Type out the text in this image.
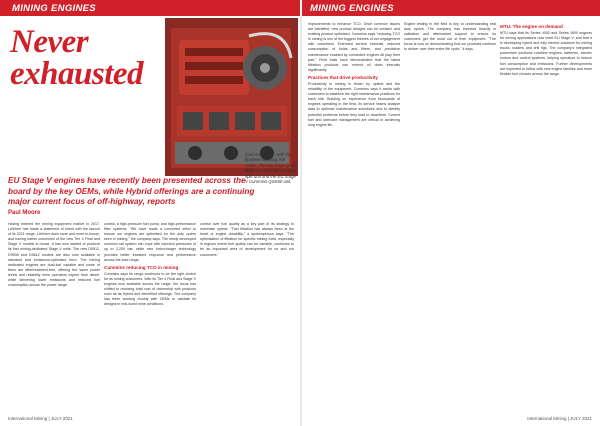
MINING ENGINES	MINING ENGINES
Never exhausted

Cast main gear: with the flywheel housing, the rocker, the two-stage gears fitted to a new Nidec power split unit and the EU Stage V Cummins QSK60 unit.

EU Stage V engines have recently been presented across the board by the key OEMs, while Hybrid offerings are a continuing major current focus of off-highway, reports

Paul Moore

Having entered the mining equipment market in 2017, Liebherr has made a statement of intent with the launch of its 2021 range. Liebherr does more and more in-house, and having earlier conceived of the new Tier 4 Final and Stage V models in-house, it has now started to produce its first mining-dedicated Stage V units. The new D9512, D9508 and D9812 models are also now available in standard and emissions-optimised form. The mining dedicated engines are dual-fuel capable and some of them are aftertreatment-free, offering the same power levels and reliability mine operators expect from diesel, while delivering lower emissions and reduced fuel consumption across the power range.
control, a high-pressure fuel pump, and high-performance filter systems. "We have made a concerted effort to ensure our engines are optimised for the duty cycles seen in mining," the company says. The newly developed common rail system can cope with injection pressures of up to 2,200 bar, while new turbocharger technology provides better transient response and performance across the load range.
Cummins reducing TCO in mining
Cummins says its range continues to be the right choice for its mining customers. With its Tier 4 Final and Stage V engines now available across the range, the focus has shifted to reducing total cost of ownership with products such as its Hybrid and electrified offerings. The company has been working closely with OEMs to validate its designs in real-world mine conditions.
control over fuel quality as a key part of its strategy to maximise uptime. "Fuel filtration has always been at the heart of engine durability," a spokesperson says. "The optimisation of filtration for specific mining fuels, especially in regions where fuel quality can be variable, continues to be an important area of development for us and our customers."
improvements to enhance TCO. Once common issues are identified, new product designs can be created, and existing product optimised. Cummins says "reducing TCO in mining is one of the biggest themes of our engagement with customers. Extended service intervals, reduced consumption of fluids and filters, and predictive maintenance enabled by connected engines all play their part." Field trials have demonstrated that the latest filtration products can extend oil drain intervals significantly.
Practices that drive productivity
Productivity in mining is driven by uptime and the reliability of the equipment. Cummins says it works with customers to establish the right maintenance practices for each site. Building on experience from thousands of engines operating in the field, its service teams analyse data to optimise maintenance schedules and to identify potential problems before they lead to downtime. Correct fuel and lubricant management are critical in achieving long engine life.
Engine testing in the field is key to understanding real duty cycles. The company has invested heavily in validation and aftermarket support to ensure its customers get the most out of their equipment. "The focus is now on demonstrating that our products continue to deliver over their entire life cycle," it says.
MTU: The engine on demand
MTU says that its Series 4000 and Series 1600 engines for mining applications now meet EU Stage V, and that it is developing hybrid and fully electric solutions for mining trucks, loaders and drill rigs. The company's integrated powertrain solutions combine engines, batteries, electric motors and control systems, helping operators to reduce fuel consumption and emissions. Further developments are expected to follow with new engine families and more flexible fuel choices across the range.

International Mining | JULY 2021	International Mining | JULY 2021
